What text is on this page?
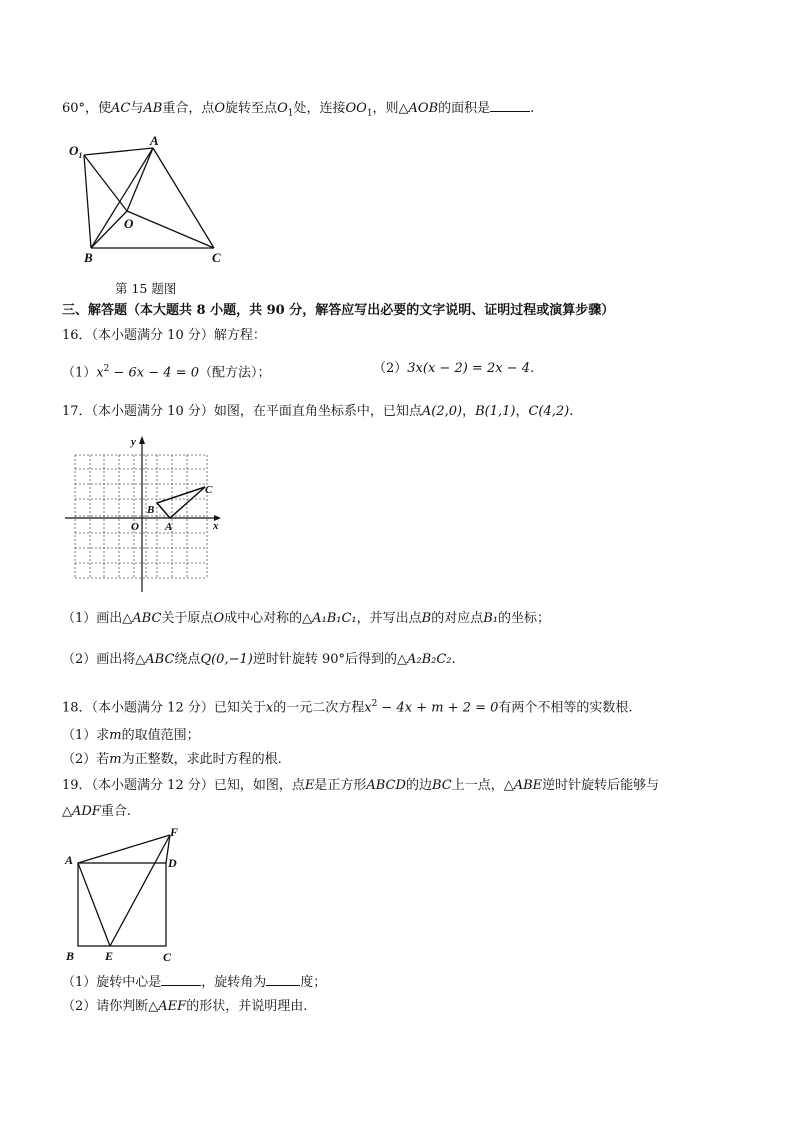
60°，使AC与AB重合，点O旋转至点$O_1$处，连接$OO_1$，则△AOB的面积是	.
$O_1$
A
O
B	C
第 15 题图
三、解答题（本大题共 8 小题，共 90 分，解答应写出必要的文字说明、证明过程或演算步骤）
16．（本小题满分 10 分）解方程：
$(1)x^2 - 6x - 4 = 0$（配方法）；	（2）3x(x − 2) = 2x − 4.
17．（本小题满分 10 分）如图，在平面直角坐标系中，已知点A(2,0)，B(1,1)，C(4,2).
y
x
O A
B
C
（1）画出△ABC关于原点O成中心对称的△A₁B₁C₁，并写出点B的对应点B₁的坐标；
（2）画出将△ABC绕点Q(0,−1)逆时针旋转 90°后得到的△A₂B₂C₂.
18．（本小题满分 12 分）已知关于x的一元二次方程$x^2 - 4x + m + 2 = 0$有两个不相等的实数根.
（1）求m的取值范围；
（2）若m为正整数，求此时方程的根.
19．（本小题满分 12 分）已知，如图，点E是正方形ABCD的边BC上一点，△ABE逆时针旋转后能够与
△ADF重合.
A
B	C
D
E
F
（1）旋转中心是	，旋转角为	度；
（2）请你判断△AEF的形状，并说明理由.
